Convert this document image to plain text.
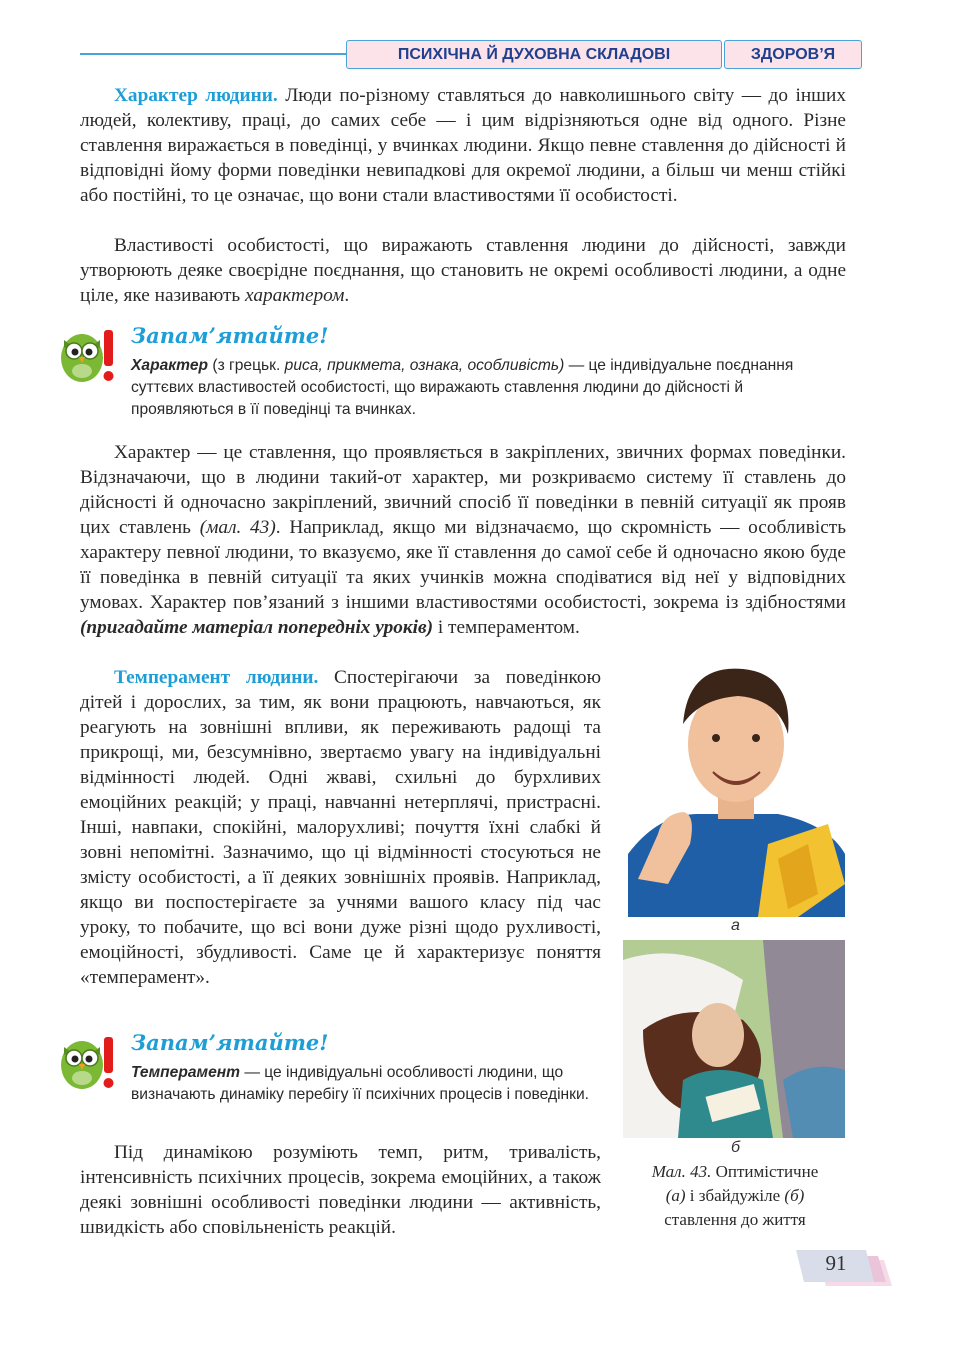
ПСИХІЧНА Й ДУХОВНА СКЛАДОВІ	ЗДОРОВ’Я

Характер людини. Люди по-різному ставляться до навколишнього світу — до інших людей, колективу, праці, до самих себе — і цим відрізняються одне від одного. Різне ставлення виражається в поведінці, у вчинках людини. Якщо певне ставлення до дійсності й відповідні йому форми поведінки невипадкові для окремої людини, а більш чи менш стійкі або постійні, то це означає, що вони стали властивостями її особистості.

Властивості особистості, що виражають ставлення людини до дійсності, завжди утворюють деяке своєрідне поєднання, що становить не окремі особливості людини, а одне ціле, яке називають характером.

Запам’ятайте!

Характер (з грецьк. риса, прикмета, ознака, особливість) — це індивідуальне поєднання суттєвих властивостей особистості, що виражають ставлення людини до дійсності й проявляються в її поведінці та вчинках.

Характер — це ставлення, що проявляється в закріплених, звичних формах поведінки. Відзначаючи, що в людини такий-от характер, ми розкриваємо систему її ставлень до дійсності й одночасно закріплений, звичний спосіб її поведінки в певній ситуації як прояв цих ставлень (мал. 43). Наприклад, якщо ми відзначаємо, що скромність — особливість характеру певної людини, то вказуємо, яке її ставлення до самої себе й одночасно якою буде її поведінка в певній ситуації та яких учинків можна сподіватися від неї у відповідних умовах. Характер пов’язаний з іншими властивостями особистості, зокрема із здібностями (пригадайте матеріал попередніх уроків) і темпераментом.

Темперамент людини. Спостерігаючи за поведінкою дітей і дорослих, за тим, як вони працюють, навчаються, як реагують на зовнішні впливи, як переживають радощі та прикрощі, ми, безсумнівно, звертаємо увагу на індивідуальні відмінності людей. Одні жваві, схильні до бурхливих емоційних реакцій; у праці, навчанні нетерплячі, пристрасні. Інші, навпаки, спокійні, малорухливі; почуття їхні слабкі й зовні непомітні. Зазначимо, що ці відмінності стосуються не змісту особистості, а її деяких зовнішніх проявів. Наприклад, якщо ви поспостерігаєте за учнями вашого класу під час уроку, то побачите, що всі вони дуже різні щодо рухливості, емоційності, збудливості. Саме це й характеризує поняття «темперамент».

Запам’ятайте!

Темперамент — це індивідуальні особливості людини, що визначають динаміку перебігу її психічних процесів і поведінки.

Під динамікою розуміють темп, ритм, тривалість, інтенсивність психічних процесів, зокрема емоційних, а також деякі зовнішні особливості поведінки людини — активність, швидкість або сповільненість реакцій.

а
б

Мал. 43. Оптимістичне
(а) і збайдужіле (б)
ставлення до життя

91
